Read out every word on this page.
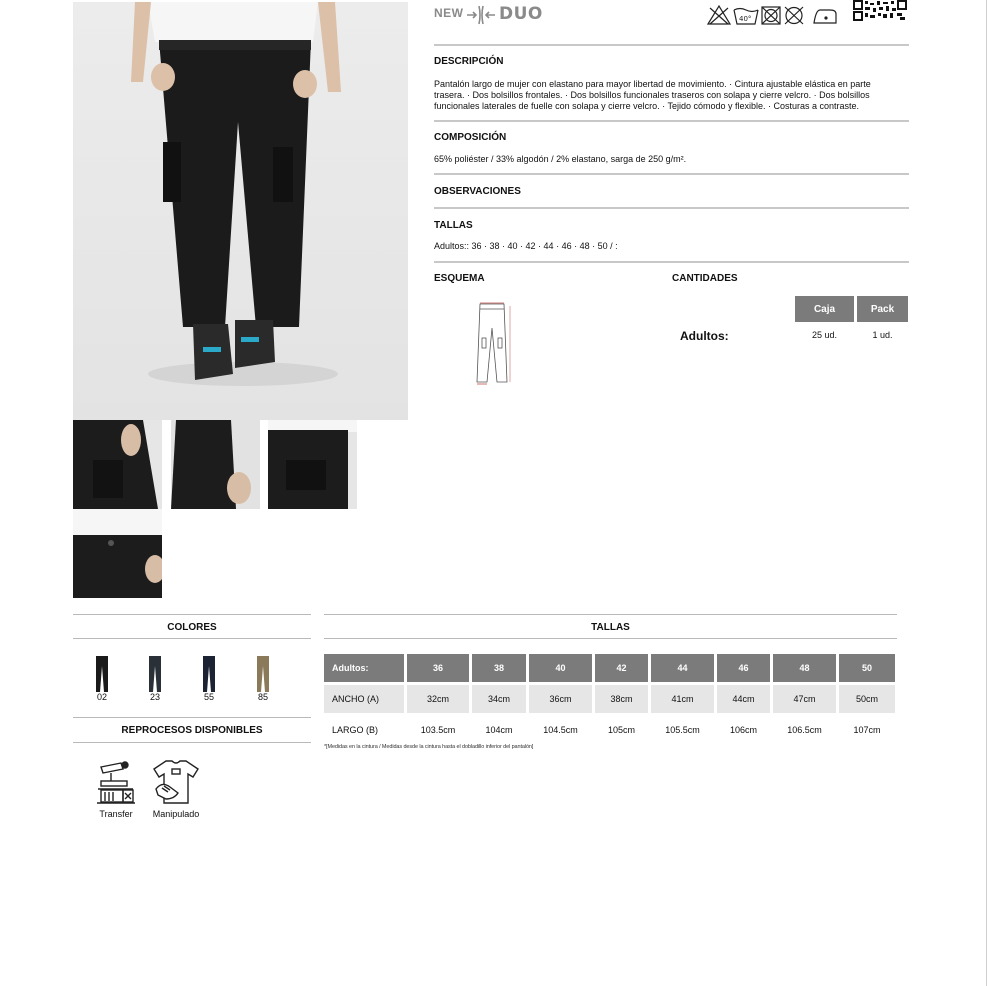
NEW DUO	40°
DESCRIPCIÓN
Pantalón largo de mujer con elastano para mayor libertad de movimiento. · Cintura ajustable elástica en parte
trasera. · Dos bolsillos frontales. · Dos bolsillos funcionales traseros con solapa y cierre velcro. · Dos bolsillos
funcionales laterales de fuelle con solapa y cierre velcro. · Tejido cómodo y flexible. · Costuras a contraste.
COMPOSICIÓN
65% poliéster / 33% algodón / 2% elastano, sarga de 250 g/m².
OBSERVACIONES
TALLAS
Adultos:: 36 · 38 · 40 · 42 · 44 · 46 · 48 · 50 / :
ESQUEMA	CANTIDADES
Caja	Pack
Adultos:	25 ud.	1 ud.
COLORES
02	23	55	85
REPROCESOS DISPONIBLES
Transfer	Manipulado
TALLAS
Adultos:	36	38	40	42	44	46	48	50
ANCHO (A)	32cm	34cm	36cm	38cm	41cm	44cm	47cm	50cm
LARGO (B)	103.5cm	104cm	104.5cm	105cm	105.5cm	106cm	106.5cm	107cm
*[Medidas en la cintura / Medidas desde la cintura hasta el dobladillo inferior del pantalón]
